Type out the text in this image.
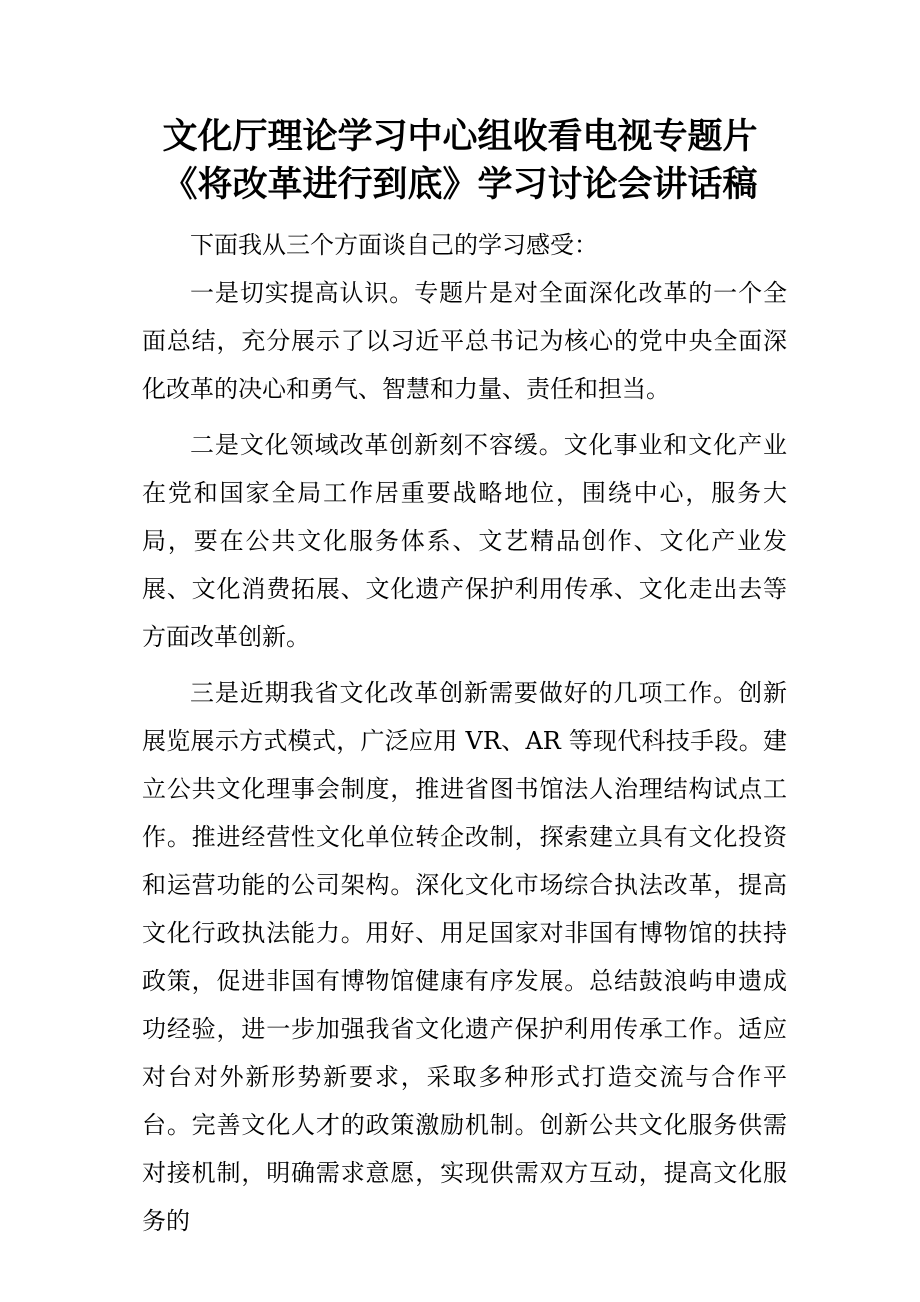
文化厅理论学习中心组收看电视专题片
《将改革进行到底》学习讨论会讲话稿

下面我从三个方面谈自己的学习感受：

一是切实提高认识。专题片是对全面深化改革的一个全面总结，充分展示了以习近平总书记为核心的党中央全面深化改革的决心和勇气、智慧和力量、责任和担当。

二是文化领域改革创新刻不容缓。文化事业和文化产业在党和国家全局工作居重要战略地位，围绕中心，服务大局，要在公共文化服务体系、文艺精品创作、文化产业发展、文化消费拓展、文化遗产保护利用传承、文化走出去等方面改革创新。

三是近期我省文化改革创新需要做好的几项工作。创新展览展示方式模式，广泛应用 VR、AR 等现代科技手段。建立公共文化理事会制度，推进省图书馆法人治理结构试点工作。推进经营性文化单位转企改制，探索建立具有文化投资和运营功能的公司架构。深化文化市场综合执法改革，提高文化行政执法能力。用好、用足国家对非国有博物馆的扶持政策，促进非国有博物馆健康有序发展。总结鼓浪屿申遗成功经验，进一步加强我省文化遗产保护利用传承工作。适应对台对外新形势新要求，采取多种形式打造交流与合作平台。完善文化人才的政策激励机制。创新公共文化服务供需对接机制，明确需求意愿，实现供需双方互动，提高文化服务的
